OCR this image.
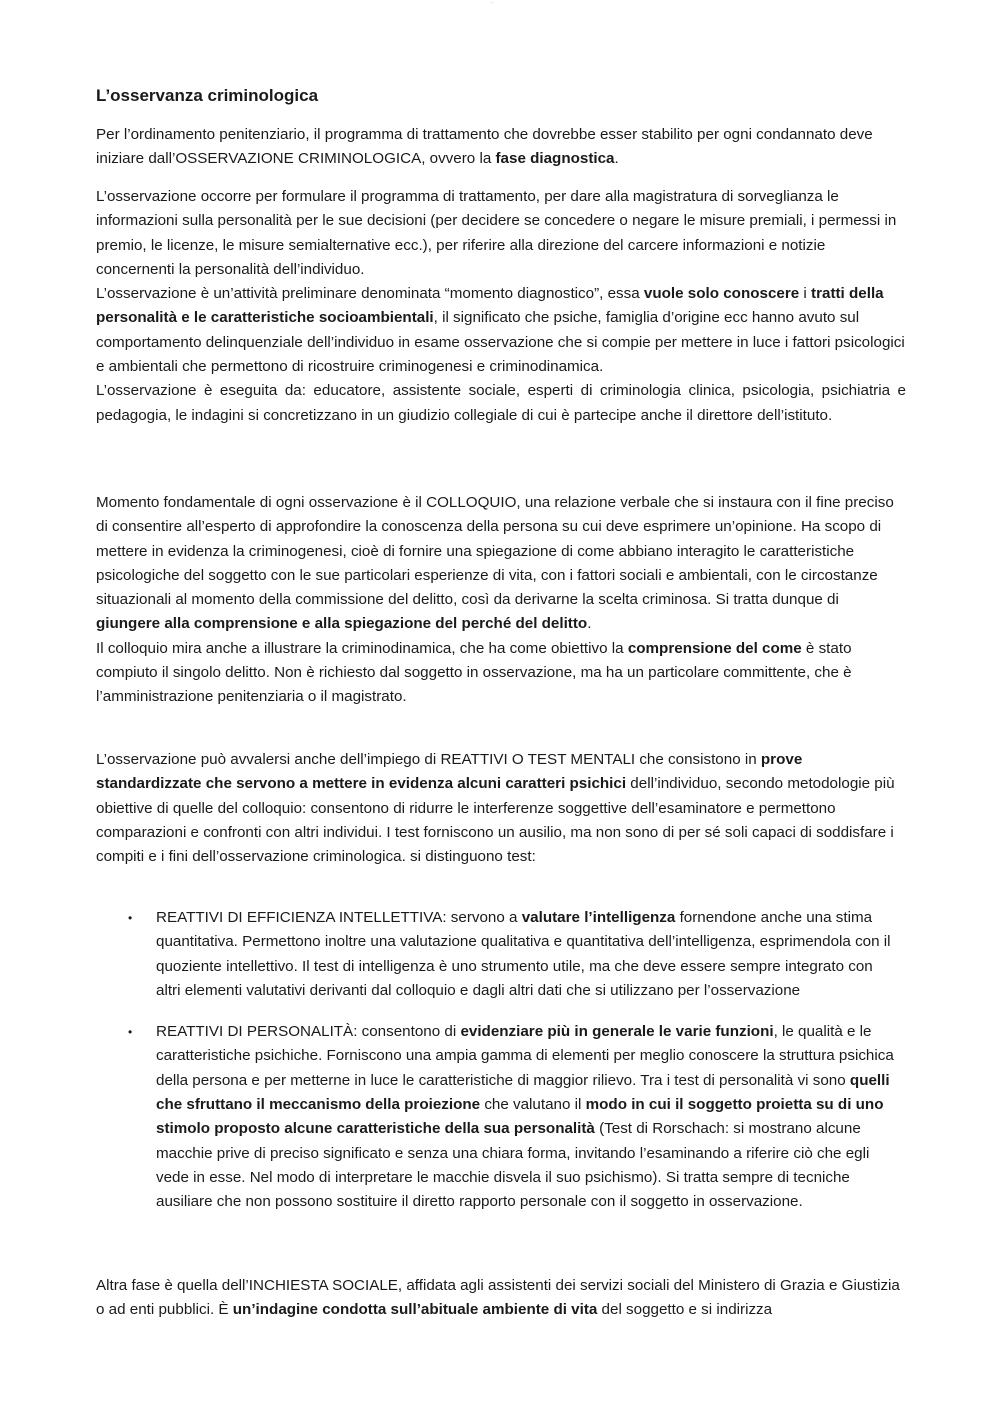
—
L’osservanza criminologica

Per l’ordinamento penitenziario, il programma di trattamento che dovrebbe esser stabilito per ogni condannato deve iniziare dall’OSSERVAZIONE CRIMINOLOGICA, ovvero la fase diagnostica.

L’osservazione occorre per formulare il programma di trattamento, per dare alla magistratura di sorveglianza le informazioni sulla personalità per le sue decisioni (per decidere se concedere o negare le misure premiali, i permessi in premio, le licenze, le misure semialternative ecc.), per riferire alla direzione del carcere informazioni e notizie concernenti la personalità dell’individuo.

L’osservazione è un’attività preliminare denominata “momento diagnostico”, essa vuole solo conoscere i tratti della personalità e le caratteristiche socioambientali, il significato che psiche, famiglia d’origine ecc hanno avuto sul comportamento delinquenziale dell’individuo in esame osservazione che si compie per mettere in luce i fattori psicologici e ambientali che permettono di ricostruire criminogenesi e criminodinamica.

L’osservazione è eseguita da: educatore, assistente sociale, esperti di criminologia clinica, psicologia, psichiatria e pedagogia, le indagini si concretizzano in un giudizio collegiale di cui è partecipe anche il direttore dell’istituto.

Momento fondamentale di ogni osservazione è il COLLOQUIO, una relazione verbale che si instaura con il fine preciso di consentire all’esperto di approfondire la conoscenza della persona su cui deve esprimere un’opinione. Ha scopo di mettere in evidenza la criminogenesi, cioè di fornire una spiegazione di come abbiano interagito le caratteristiche psicologiche del soggetto con le sue particolari esperienze di vita, con i fattori sociali e ambientali, con le circostanze situazionali al momento della commissione del delitto, così da derivarne la scelta criminosa. Si tratta dunque di giungere alla comprensione e alla spiegazione del perché del delitto.

Il colloquio mira anche a illustrare la criminodinamica, che ha come obiettivo la comprensione del come è stato compiuto il singolo delitto. Non è richiesto dal soggetto in osservazione, ma ha un particolare committente, che è l’amministrazione penitenziaria o il magistrato.

L’osservazione può avvalersi anche dell’impiego di REATTIVI O TEST MENTALI che consistono in prove standardizzate che servono a mettere in evidenza alcuni caratteri psichici dell’individuo, secondo metodologie più obiettive di quelle del colloquio: consentono di ridurre le interferenze soggettive dell’esaminatore e permettono comparazioni e confronti con altri individui. I test forniscono un ausilio, ma non sono di per sé soli capaci di soddisfare i compiti e i fini dell’osservazione criminologica. si distinguono test:

• REATTIVI DI EFFICIENZA INTELLETTIVA: servono a valutare l’intelligenza fornendone anche una stima quantitativa. Permettono inoltre una valutazione qualitativa e quantitativa dell’intelligenza, esprimendola con il quoziente intellettivo. Il test di intelligenza è uno strumento utile, ma che deve essere sempre integrato con altri elementi valutativi derivanti dal colloquio e dagli altri dati che si utilizzano per l’osservazione
• REATTIVI DI PERSONALITÀ: consentono di evidenziare più in generale le varie funzioni, le qualità e le caratteristiche psichiche. Forniscono una ampia gamma di elementi per meglio conoscere la struttura psichica della persona e per metterne in luce le caratteristiche di maggior rilievo. Tra i test di personalità vi sono quelli che sfruttano il meccanismo della proiezione che valutano il modo in cui il soggetto proietta su di uno stimolo proposto alcune caratteristiche della sua personalità (Test di Rorschach: si mostrano alcune macchie prive di preciso significato e senza una chiara forma, invitando l’esaminando a riferire ciò che egli vede in esse. Nel modo di interpretare le macchie disvela il suo psichismo). Si tratta sempre di tecniche ausiliare che non possono sostituire il diretto rapporto personale con il soggetto in osservazione.

Altra fase è quella dell’INCHIESTA SOCIALE, affidata agli assistenti dei servizi sociali del Ministero di Grazia e Giustizia o ad enti pubblici. È un’indagine condotta sull’abituale ambiente di vita del soggetto e si indirizza
